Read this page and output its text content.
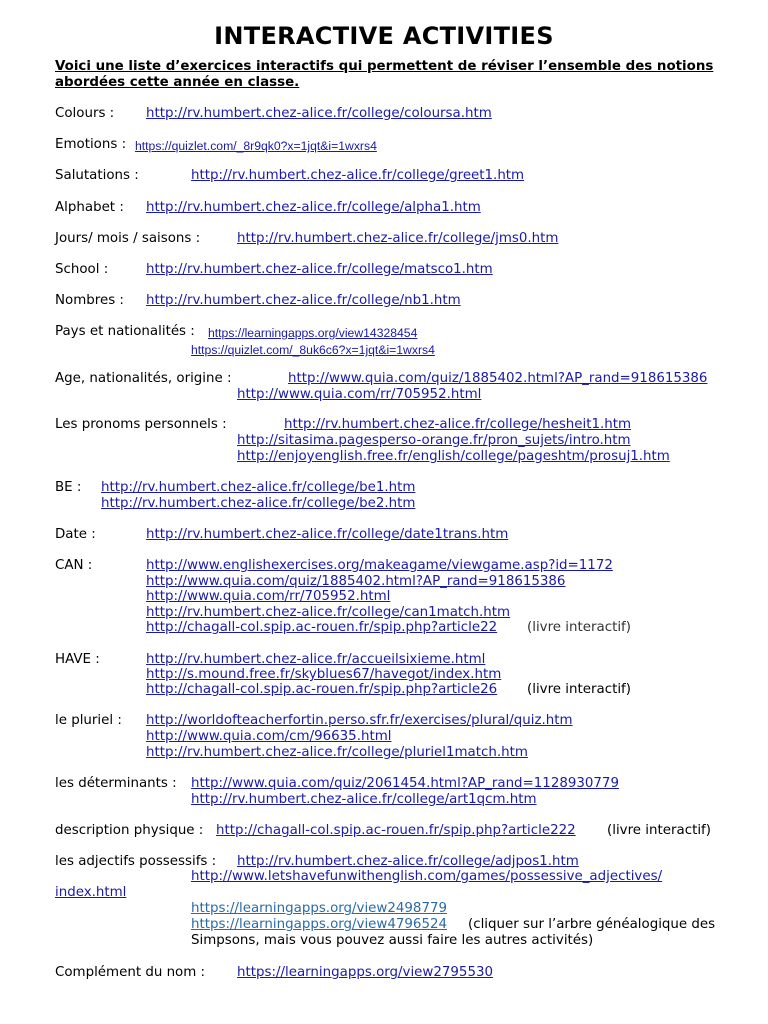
INTERACTIVE ACTIVITIES
Voici une liste d’exercices interactifs qui permettent de réviser l’ensemble des notions abordées cette année en classe.
Colours : http://rv.humbert.chez-alice.fr/college/coloursa.htm
Emotions : https://quizlet.com/_8r9qk0?x=1jqt&i=1wxrs4
Salutations :	http://rv.humbert.chez-alice.fr/college/greet1.htm
Alphabet : http://rv.humbert.chez-alice.fr/college/alpha1.htm
Jours/ mois / saisons :	http://rv.humbert.chez-alice.fr/college/jms0.htm
School :	http://rv.humbert.chez-alice.fr/college/matsco1.htm
Nombres : http://rv.humbert.chez-alice.fr/college/nb1.htm
Pays et nationalités : https://learningapps.org/view14328454
https://quizlet.com/_8uk6c6?x=1jqt&i=1wxrs4
Age, nationalités, origine :	http://www.quia.com/quiz/1885402.html?AP_rand=918615386
http://www.quia.com/rr/705952.html
Les pronoms personnels :	http://rv.humbert.chez-alice.fr/college/hesheit1.htm
http://sitasima.pagesperso-orange.fr/pron_sujets/intro.htm
http://enjoyenglish.free.fr/english/college/pageshtm/prosuj1.htm
BE : http://rv.humbert.chez-alice.fr/college/be1.htm
http://rv.humbert.chez-alice.fr/college/be2.htm
Date :	http://rv.humbert.chez-alice.fr/college/date1trans.htm
CAN :	http://www.englishexercises.org/makeagame/viewgame.asp?id=1172
http://www.quia.com/quiz/1885402.html?AP_rand=918615386
http://www.quia.com/rr/705952.html
http://rv.humbert.chez-alice.fr/college/can1match.htm
http://chagall-col.spip.ac-rouen.fr/spip.php?article22 (livre interactif)
HAVE :	http://rv.humbert.chez-alice.fr/accueilsixieme.html
http://s.mound.free.fr/skyblues67/havegot/index.htm
http://chagall-col.spip.ac-rouen.fr/spip.php?article26 (livre interactif)
le pluriel : http://worldofteacherfortin.perso.sfr.fr/exercises/plural/quiz.htm
http://www.quia.com/cm/96635.html
http://rv.humbert.chez-alice.fr/college/pluriel1match.htm
les déterminants : http://www.quia.com/quiz/2061454.html?AP_rand=1128930779
http://rv.humbert.chez-alice.fr/college/art1qcm.htm
description physique : http://chagall-col.spip.ac-rouen.fr/spip.php?article222 (livre interactif)
les adjectifs possessifs : http://rv.humbert.chez-alice.fr/college/adjpos1.htm
http://www.letshavefunwithenglish.com/games/possessive_adjectives/
index.html
https://learningapps.org/view2498779
https://learningapps.org/view4796524 (cliquer sur l’arbre généalogique des
Simpsons, mais vous pouvez aussi faire les autres activités)
Complément du nom : https://learningapps.org/view2795530
